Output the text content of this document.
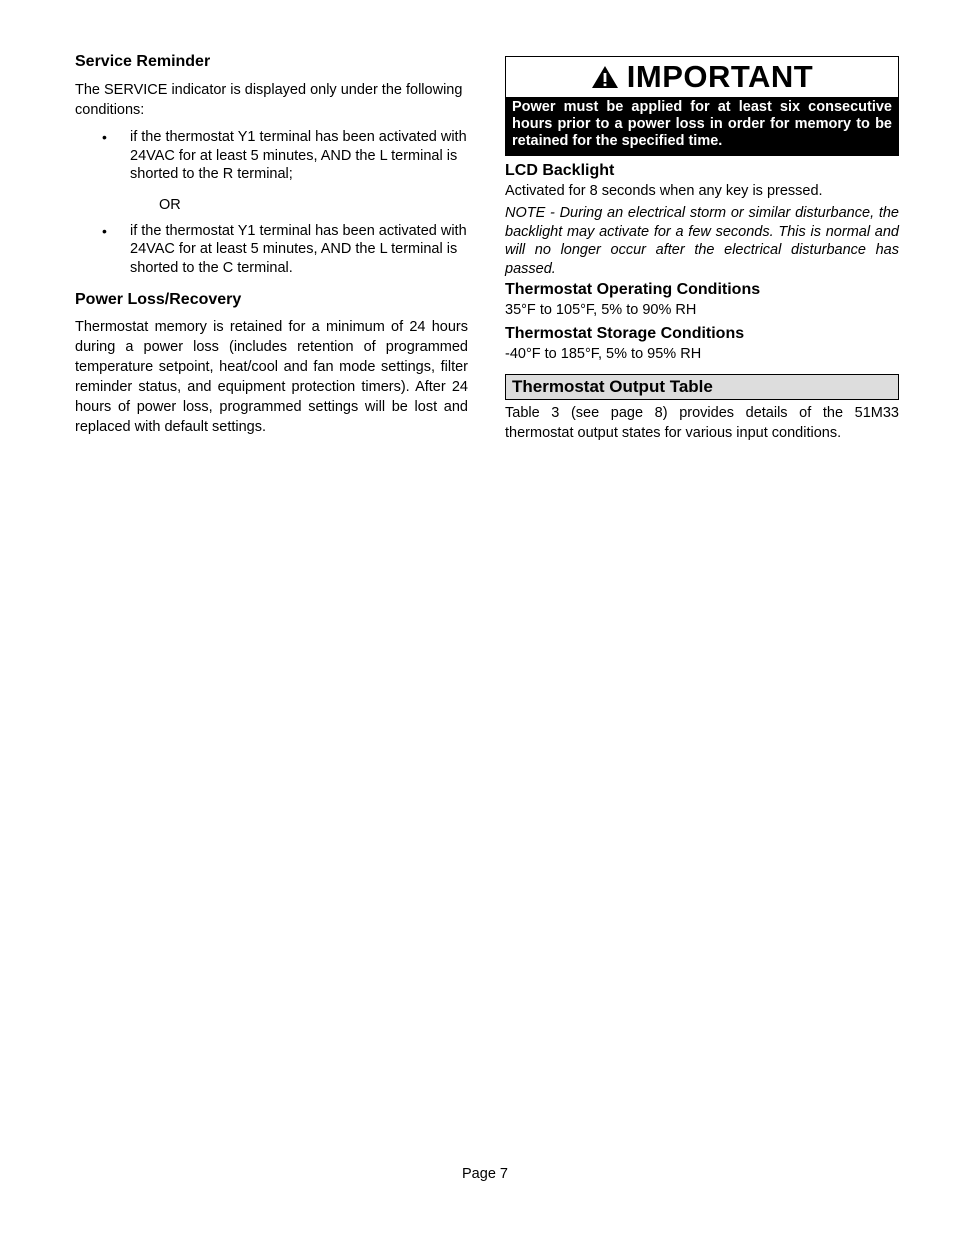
Service Reminder

The SERVICE indicator is displayed only under the following conditions:

• if the thermostat Y1 terminal has been activated with 24VAC for at least 5 minutes, AND the L terminal is shorted to the R terminal;
OR
• if the thermostat Y1 terminal has been activated with 24VAC for at least 5 minutes, AND the L terminal is shorted to the C terminal.
Power Loss/Recovery

Thermostat memory is retained for a minimum of 24 hours during a power loss (includes retention of programmed temperature setpoint, heat/cool and fan mode settings, filter reminder status, and equipment protection timers). After 24 hours of power loss, programmed settings will be lost and replaced with default settings.

IMPORTANT
Power must be applied for at least six consecutive hours prior to a power loss in order for memory to be retained for the specified time.
LCD Backlight

Activated for 8 seconds when any key is pressed.

NOTE - During an electrical storm or similar disturbance, the backlight may activate for a few seconds. This is normal and will no longer occur after the electrical disturbance has passed.
Thermostat Operating Conditions

35°F to 105°F, 5% to 90% RH

Thermostat Storage Conditions

-40°F to 185°F, 5% to 95% RH

Thermostat Output Table

Table 3 (see page 8) provides details of the 51M33 thermostat output states for various input conditions.

Page 7
